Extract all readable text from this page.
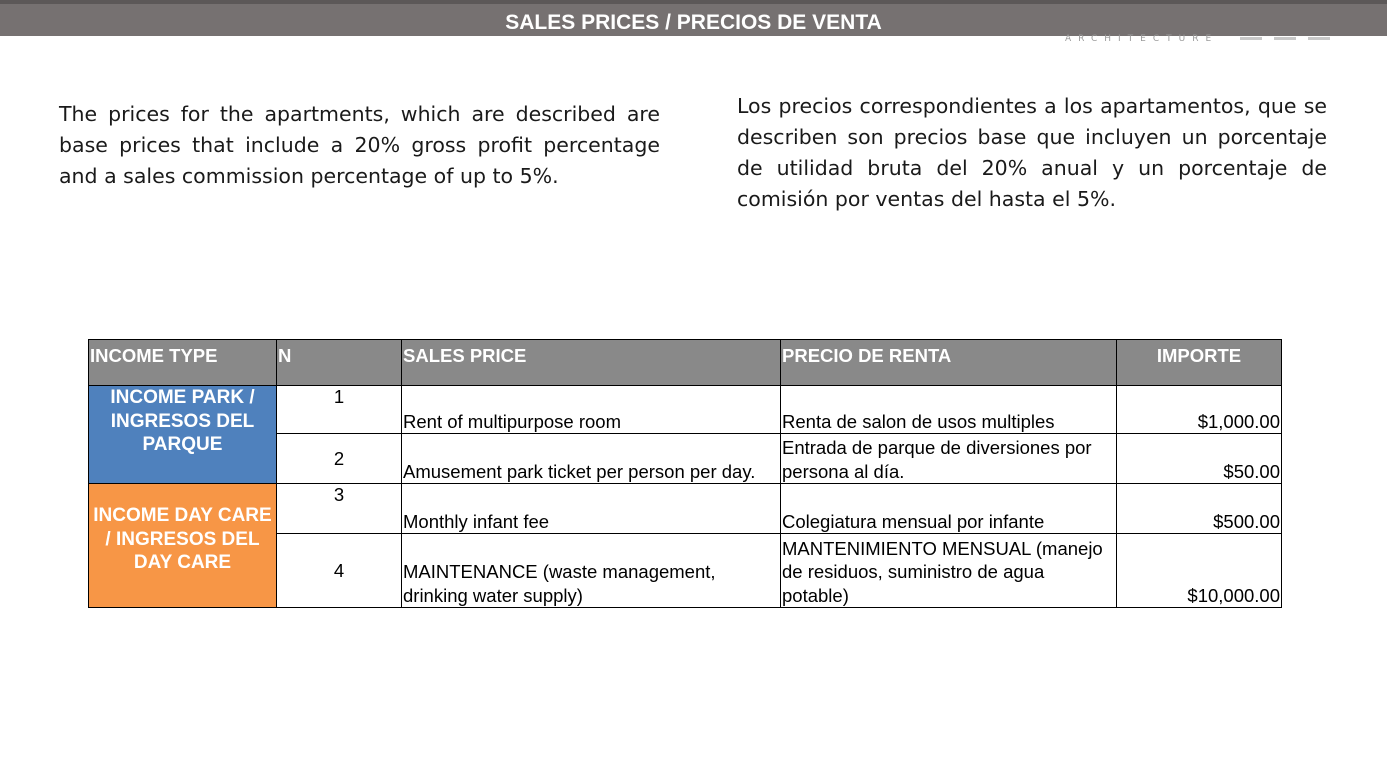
SALES PRICES / PRECIOS DE VENTA
ARCHITECTURE
The prices for the apartments, which are described are base prices that include a 20% gross profit percentage and a sales commission percentage of up to 5%.
Los precios correspondientes a los apartamentos, que se describen son precios base que incluyen un porcentaje de utilidad bruta del 20% anual y un porcentaje de comisión por ventas del hasta el 5%.
INCOME TYPE	N	SALES PRICE	PRECIO DE RENTA	IMPORTE
INCOME PARK / INGRESOS DEL PARQUE	1	Rent of multipurpose room	Renta de salon de usos multiples	$1,000.00
	2	Amusement park ticket per person per day.	Entrada de parque de diversiones por persona al día.	$50.00
INCOME DAY CARE / INGRESOS DEL DAY CARE	3	Monthly infant fee	Colegiatura mensual por infante	$500.00
	4	MAINTENANCE (waste management, drinking water supply)	MANTENIMIENTO MENSUAL (manejo de residuos, suministro de agua potable)	$10,000.00
